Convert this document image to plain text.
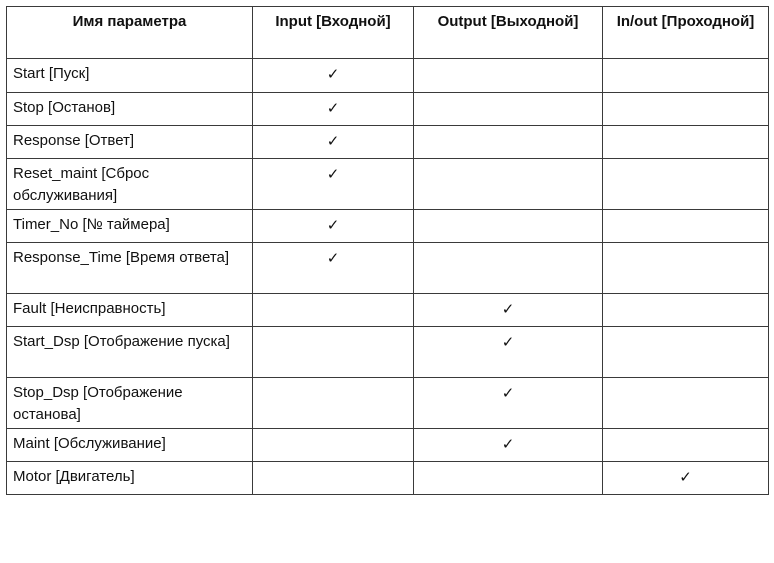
Имя параметра	Input [Входной]	Output [Выходной]	In/out [Проходной]
Start [Пуск]	✓		
Stop [Останов]	✓		
Response [Ответ]	✓		
Reset_maint [Сброс обслуживания]	✓		
Timer_No [№ таймера]	✓		
Response_Time [Время ответа]	✓		
Fault [Неисправность]		✓	
Start_Dsp [Отображение пуска]		✓	
Stop_Dsp [Отображение останова]		✓	
Maint [Обслуживание]		✓	
Motor [Двигатель]			✓
